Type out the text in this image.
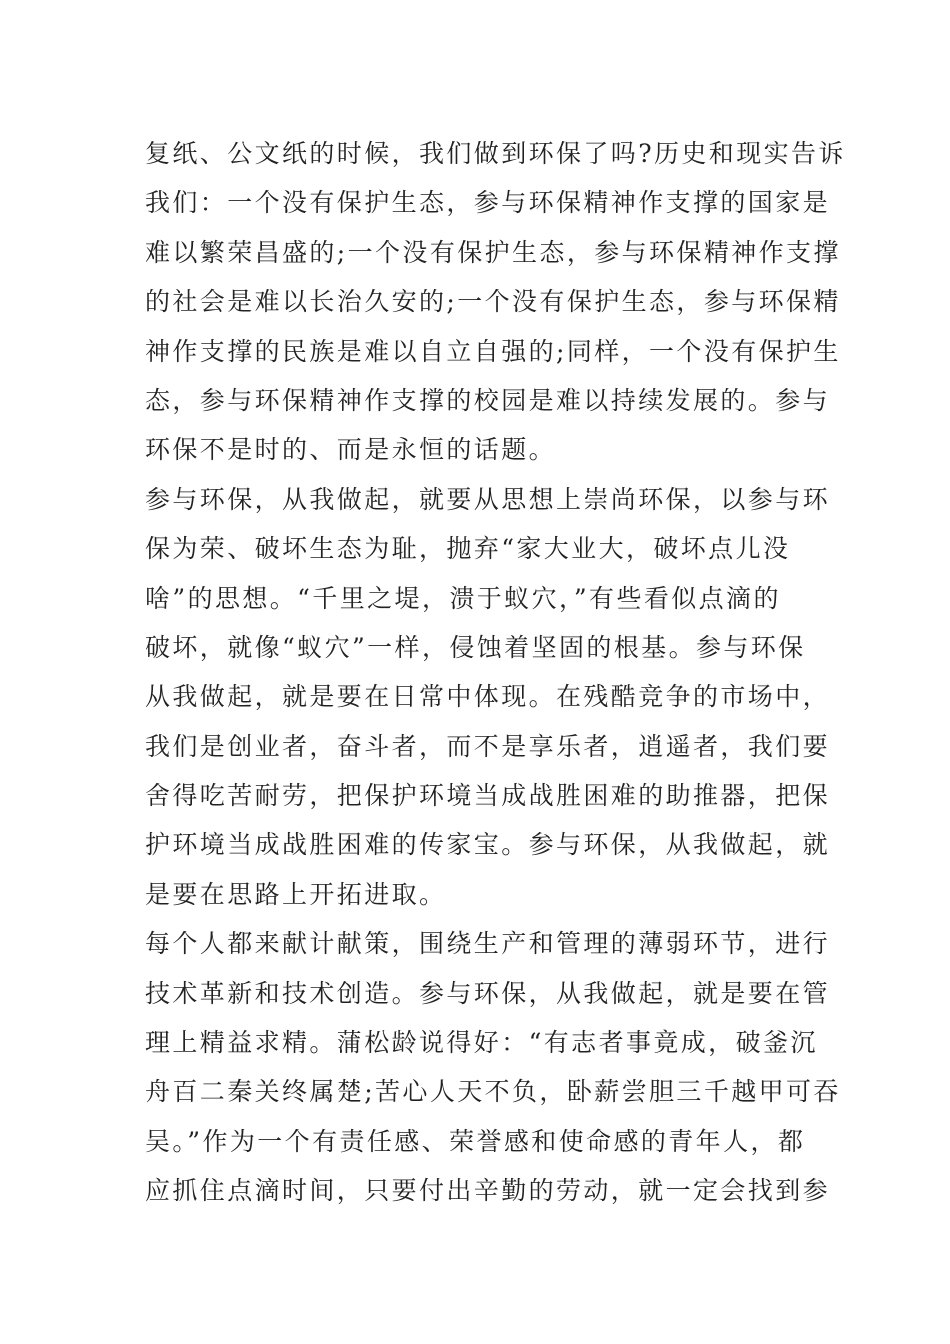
复纸、公文纸的时候，我们做到环保了吗?历史和现实告诉
我们：一个没有保护生态，参与环保精神作支撑的国家是
难以繁荣昌盛的;一个没有保护生态，参与环保精神作支撑
的社会是难以长治久安的;一个没有保护生态，参与环保精
神作支撑的民族是难以自立自强的;同样，一个没有保护生
态，参与环保精神作支撑的校园是难以持续发展的。参与
环保不是时的、而是永恒的话题。
参与环保，从我做起，就要从思想上崇尚环保，以参与环
保为荣、破坏生态为耻，抛弃“家大业大，破坏点儿没
啥”的思想。“千里之堤，溃于蚁穴，”有些看似点滴的
破坏，就像“蚁穴”一样，侵蚀着坚固的根基。参与环保
从我做起，就是要在日常中体现。在残酷竞争的市场中，
我们是创业者，奋斗者，而不是享乐者，逍遥者，我们要
舍得吃苦耐劳，把保护环境当成战胜困难的助推器，把保
护环境当成战胜困难的传家宝。参与环保，从我做起，就
是要在思路上开拓进取。
每个人都来献计献策，围绕生产和管理的薄弱环节，进行
技术革新和技术创造。参与环保，从我做起，就是要在管
理上精益求精。蒲松龄说得好：“有志者事竟成，破釜沉
舟百二秦关终属楚;苦心人天不负，卧薪尝胆三千越甲可吞
吴。”作为一个有责任感、荣誉感和使命感的青年人，都
应抓住点滴时间，只要付出辛勤的劳动，就一定会找到参
